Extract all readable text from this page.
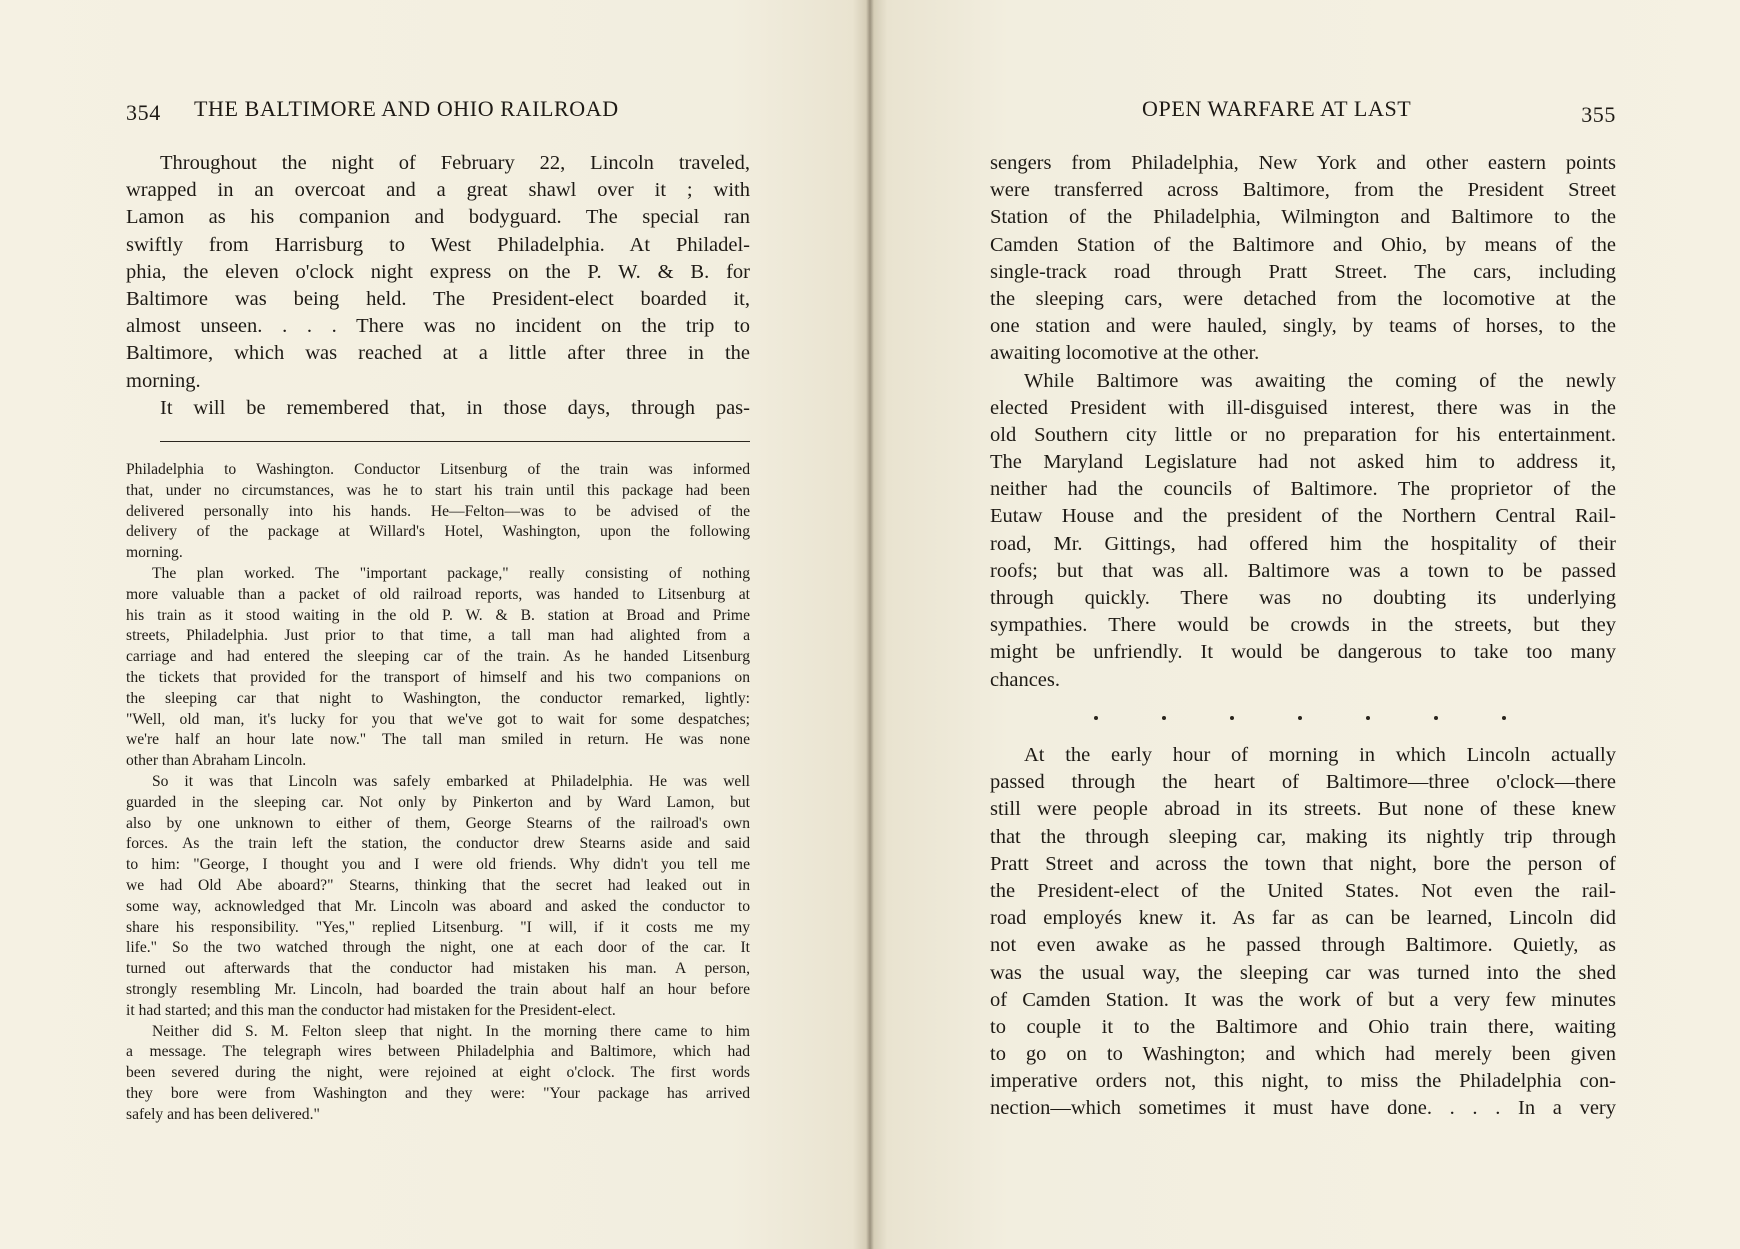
354 THE BALTIMORE AND OHIO RAILROAD
Throughout the night of February 22, Lincoln traveled,
wrapped in an overcoat and a great shawl over it ; with
Lamon as his companion and bodyguard. The special ran
swiftly from Harrisburg to West Philadelphia. At Philadel-
phia, the eleven o'clock night express on the P. W. & B. for
Baltimore was being held. The President-elect boarded it,
almost unseen. . . . There was no incident on the trip to
Baltimore, which was reached at a little after three in the
morning.
It will be remembered that, in those days, through pas-
Philadelphia to Washington. Conductor Litsenburg of the train was informed
that, under no circumstances, was he to start his train until this package had been
delivered personally into his hands. He—Felton—was to be advised of the
delivery of the package at Willard's Hotel, Washington, upon the following
morning.
The plan worked. The "important package," really consisting of nothing
more valuable than a packet of old railroad reports, was handed to Litsenburg at
his train as it stood waiting in the old P. W. & B. station at Broad and Prime
streets, Philadelphia. Just prior to that time, a tall man had alighted from a
carriage and had entered the sleeping car of the train. As he handed Litsenburg
the tickets that provided for the transport of himself and his two companions on
the sleeping car that night to Washington, the conductor remarked, lightly:
"Well, old man, it's lucky for you that we've got to wait for some despatches;
we're half an hour late now." The tall man smiled in return. He was none
other than Abraham Lincoln.
So it was that Lincoln was safely embarked at Philadelphia. He was well
guarded in the sleeping car. Not only by Pinkerton and by Ward Lamon, but
also by one unknown to either of them, George Stearns of the railroad's own
forces. As the train left the station, the conductor drew Stearns aside and said
to him: "George, I thought you and I were old friends. Why didn't you tell me
we had Old Abe aboard?" Stearns, thinking that the secret had leaked out in
some way, acknowledged that Mr. Lincoln was aboard and asked the conductor to
share his responsibility. "Yes," replied Litsenburg. "I will, if it costs me my
life." So the two watched through the night, one at each door of the car. It
turned out afterwards that the conductor had mistaken his man. A person,
strongly resembling Mr. Lincoln, had boarded the train about half an hour before
it had started; and this man the conductor had mistaken for the President-elect.
Neither did S. M. Felton sleep that night. In the morning there came to him
a message. The telegraph wires between Philadelphia and Baltimore, which had
been severed during the night, were rejoined at eight o'clock. The first words
they bore were from Washington and they were: "Your package has arrived
safely and has been delivered."
OPEN WARFARE AT LAST	355
sengers from Philadelphia, New York and other eastern points
were transferred across Baltimore, from the President Street
Station of the Philadelphia, Wilmington and Baltimore to the
Camden Station of the Baltimore and Ohio, by means of the
single-track road through Pratt Street. The cars, including
the sleeping cars, were detached from the locomotive at the
one station and were hauled, singly, by teams of horses, to the
awaiting locomotive at the other.
While Baltimore was awaiting the coming of the newly
elected President with ill-disguised interest, there was in the
old Southern city little or no preparation for his entertainment.
The Maryland Legislature had not asked him to address it,
neither had the councils of Baltimore. The proprietor of the
Eutaw House and the president of the Northern Central Rail-
road, Mr. Gittings, had offered him the hospitality of their
roofs; but that was all. Baltimore was a town to be passed
through quickly. There was no doubting its underlying
sympathies. There would be crowds in the streets, but they
might be unfriendly. It would be dangerous to take too many
chances.
At the early hour of morning in which Lincoln actually
passed through the heart of Baltimore—three o'clock—there
still were people abroad in its streets. But none of these knew
that the through sleeping car, making its nightly trip through
Pratt Street and across the town that night, bore the person of
the President-elect of the United States. Not even the rail-
road employés knew it. As far as can be learned, Lincoln did
not even awake as he passed through Baltimore. Quietly, as
was the usual way, the sleeping car was turned into the shed
of Camden Station. It was the work of but a very few minutes
to couple it to the Baltimore and Ohio train there, waiting
to go on to Washington; and which had merely been given
imperative orders not, this night, to miss the Philadelphia con-
nection—which sometimes it must have done. . . . In a very
